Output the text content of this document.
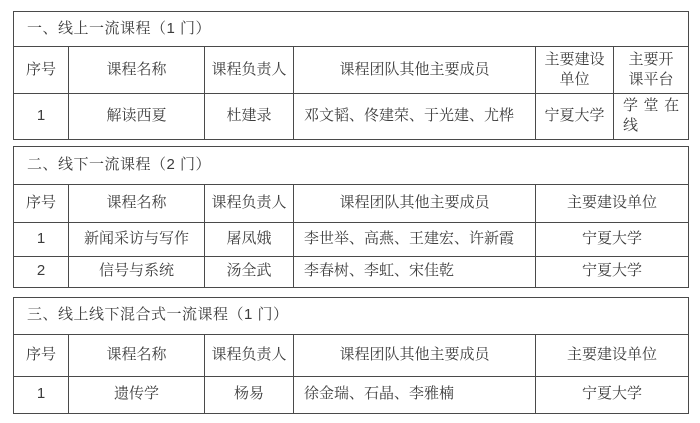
一、线上一流课程（1 门）					
序号	课程名称	课程负责人	课程团队其他主要成员	主要建设单位	主要开课平台
1	解读西夏	杜建录	邓文韬、佟建荣、于光建、尤桦	宁夏大学	学堂在线
二、线下一流课程（2 门）				
序号	课程名称	课程负责人	课程团队其他主要成员	主要建设单位
1	新闻采访与写作	屠凤娥	李世举、高燕、王建宏、许新霞	宁夏大学
2	信号与系统	汤全武	李春树、李虹、宋佳乾	宁夏大学
三、线上线下混合式一流课程（1 门）				
序号	课程名称	课程负责人	课程团队其他主要成员	主要建设单位
1	遗传学	杨易	徐金瑞、石晶、李雅楠	宁夏大学
